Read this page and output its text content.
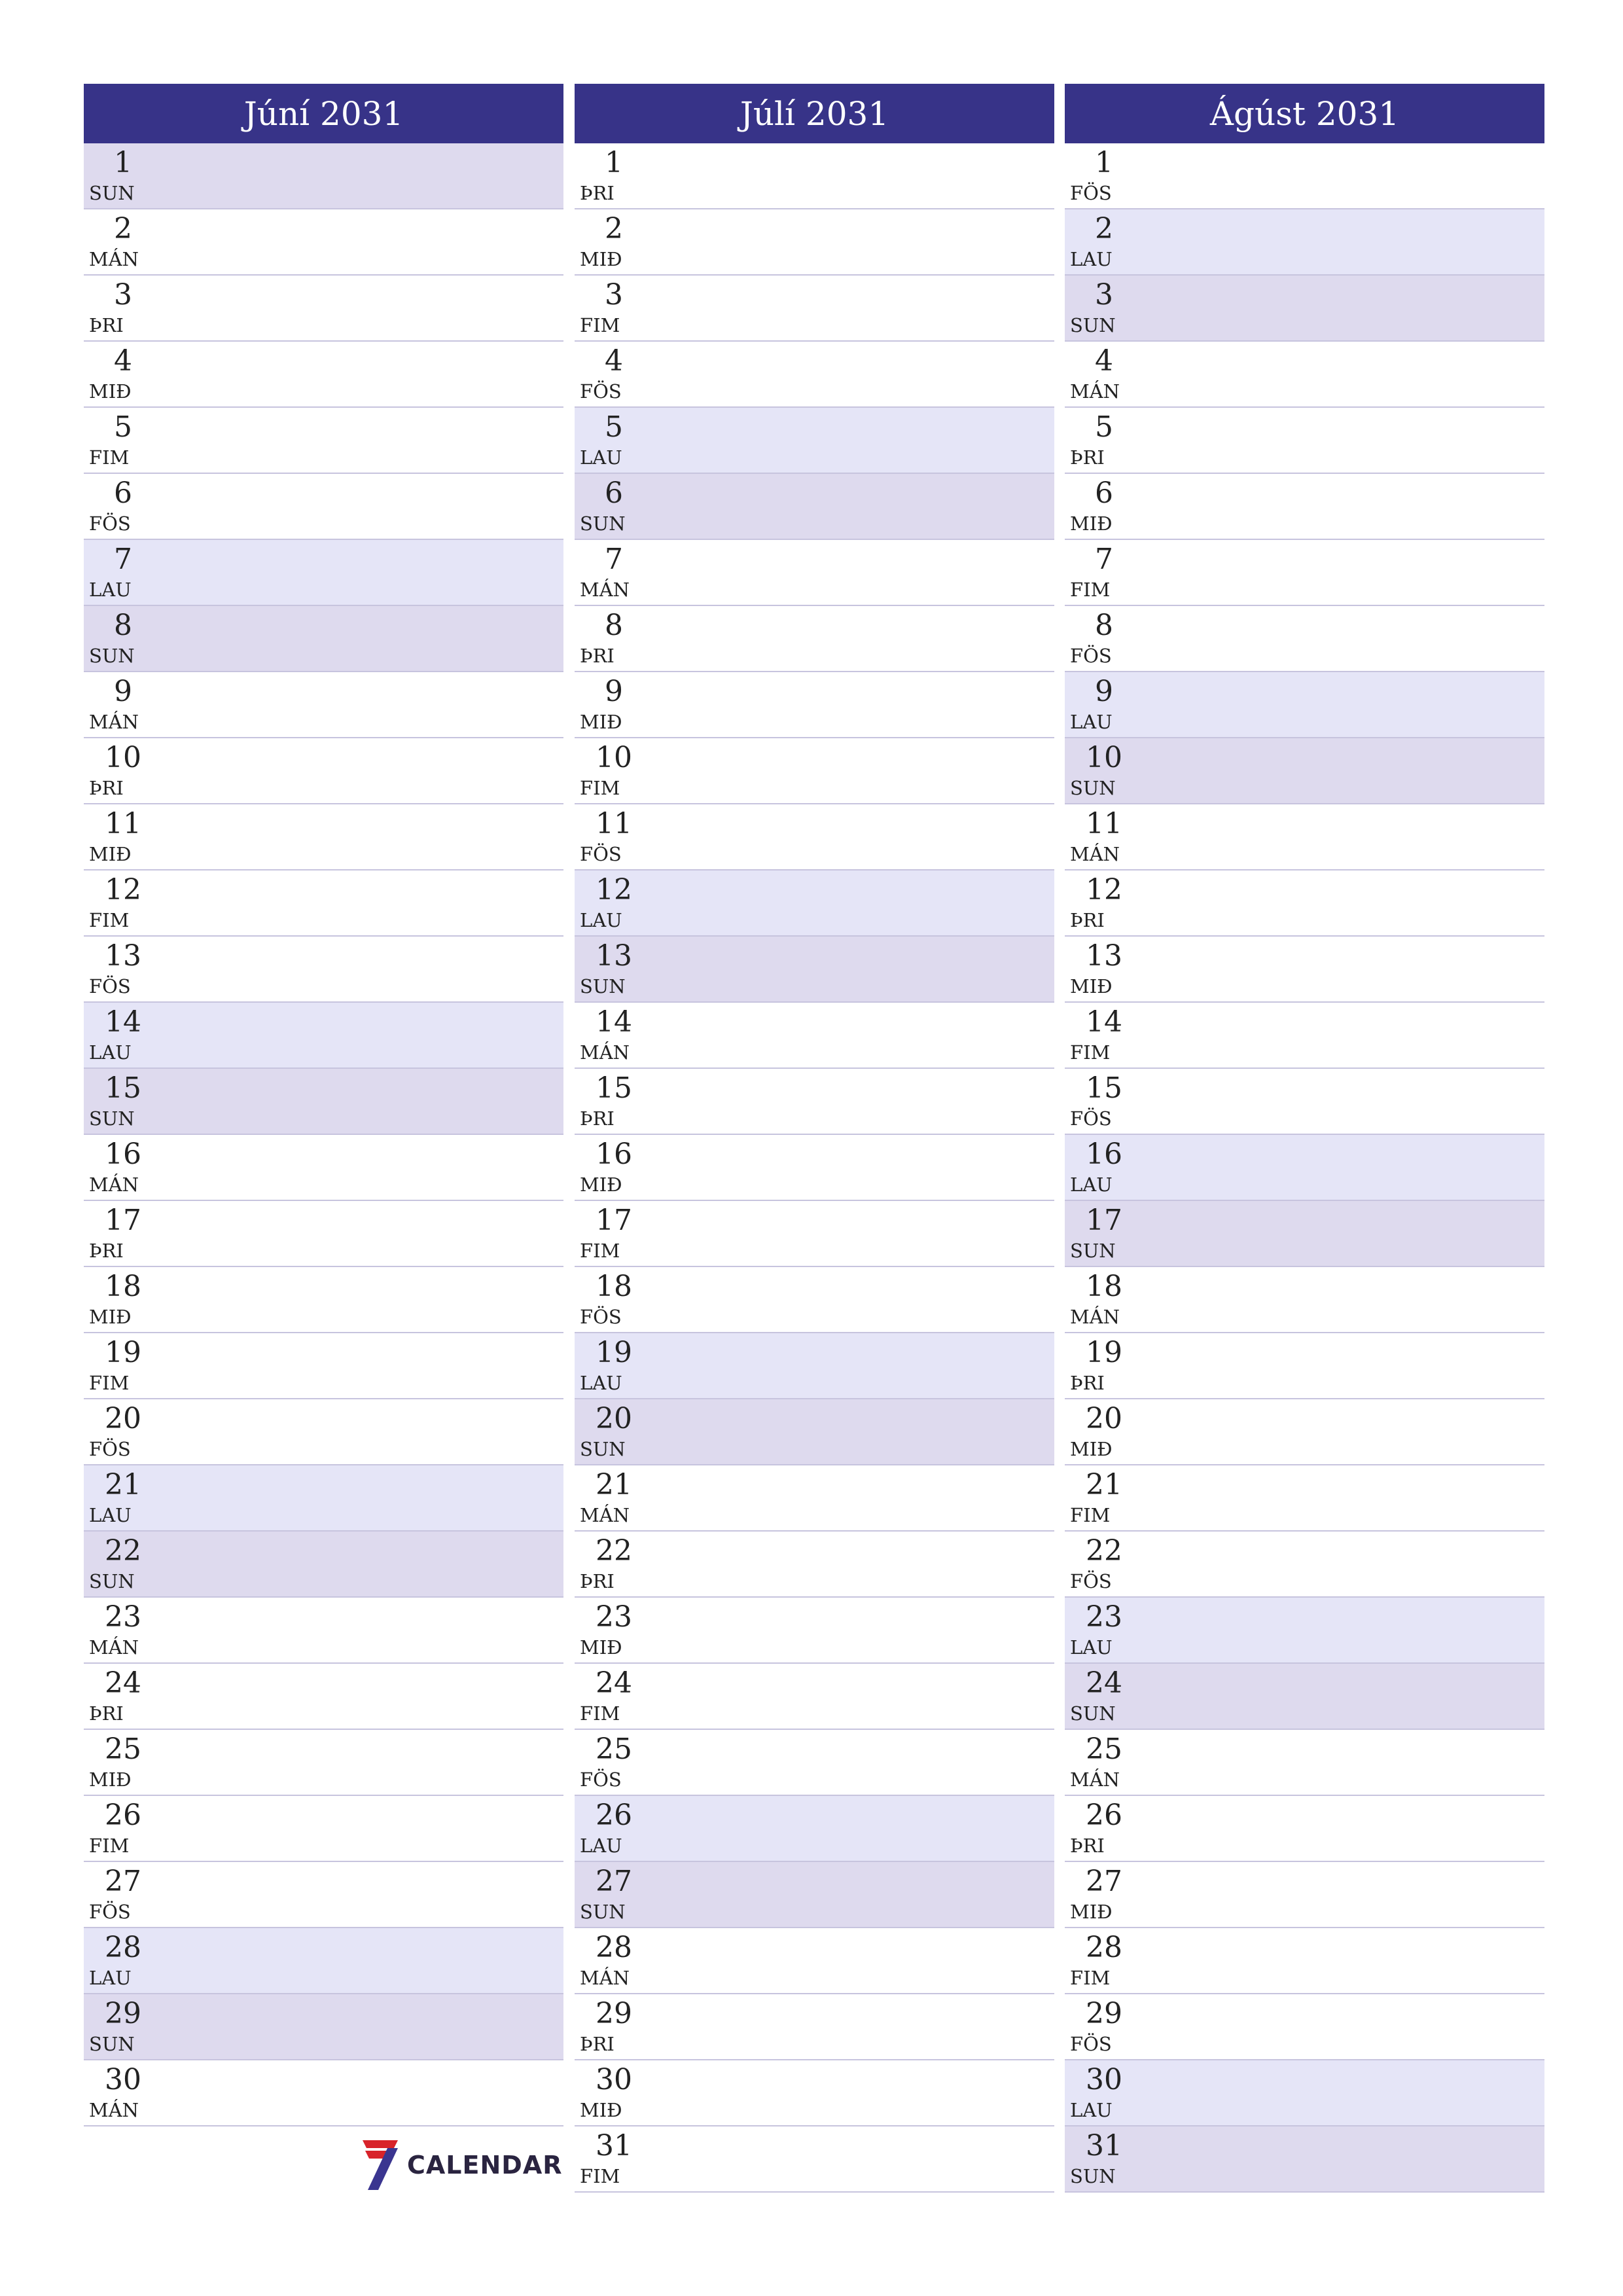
Júní 2031
1
SUN
2
MÁN
3
ÞRI
4
MIÐ
5
FIM
6
FÖS
7
LAU
8
SUN
9
MÁN
10
ÞRI
11
MIÐ
12
FIM
13
FÖS
14
LAU
15
SUN
16
MÁN
17
ÞRI
18
MIÐ
19
FIM
20
FÖS
21
LAU
22
SUN
23
MÁN
24
ÞRI
25
MIÐ
26
FIM
27
FÖS
28
LAU
29
SUN
30
MÁN
Júlí 2031
1
ÞRI
2
MIÐ
3
FIM
4
FÖS
5
LAU
6
SUN
7
MÁN
8
ÞRI
9
MIÐ
10
FIM
11
FÖS
12
LAU
13
SUN
14
MÁN
15
ÞRI
16
MIÐ
17
FIM
18
FÖS
19
LAU
20
SUN
21
MÁN
22
ÞRI
23
MIÐ
24
FIM
25
FÖS
26
LAU
27
SUN
28
MÁN
29
ÞRI
30
MIÐ
31
FIM
Ágúst 2031
1
FÖS
2
LAU
3
SUN
4
MÁN
5
ÞRI
6
MIÐ
7
FIM
8
FÖS
9
LAU
10
SUN
11
MÁN
12
ÞRI
13
MIÐ
14
FIM
15
FÖS
16
LAU
17
SUN
18
MÁN
19
ÞRI
20
MIÐ
21
FIM
22
FÖS
23
LAU
24
SUN
25
MÁN
26
ÞRI
27
MIÐ
28
FIM
29
FÖS
30
LAU
31
SUN
CALENDAR
